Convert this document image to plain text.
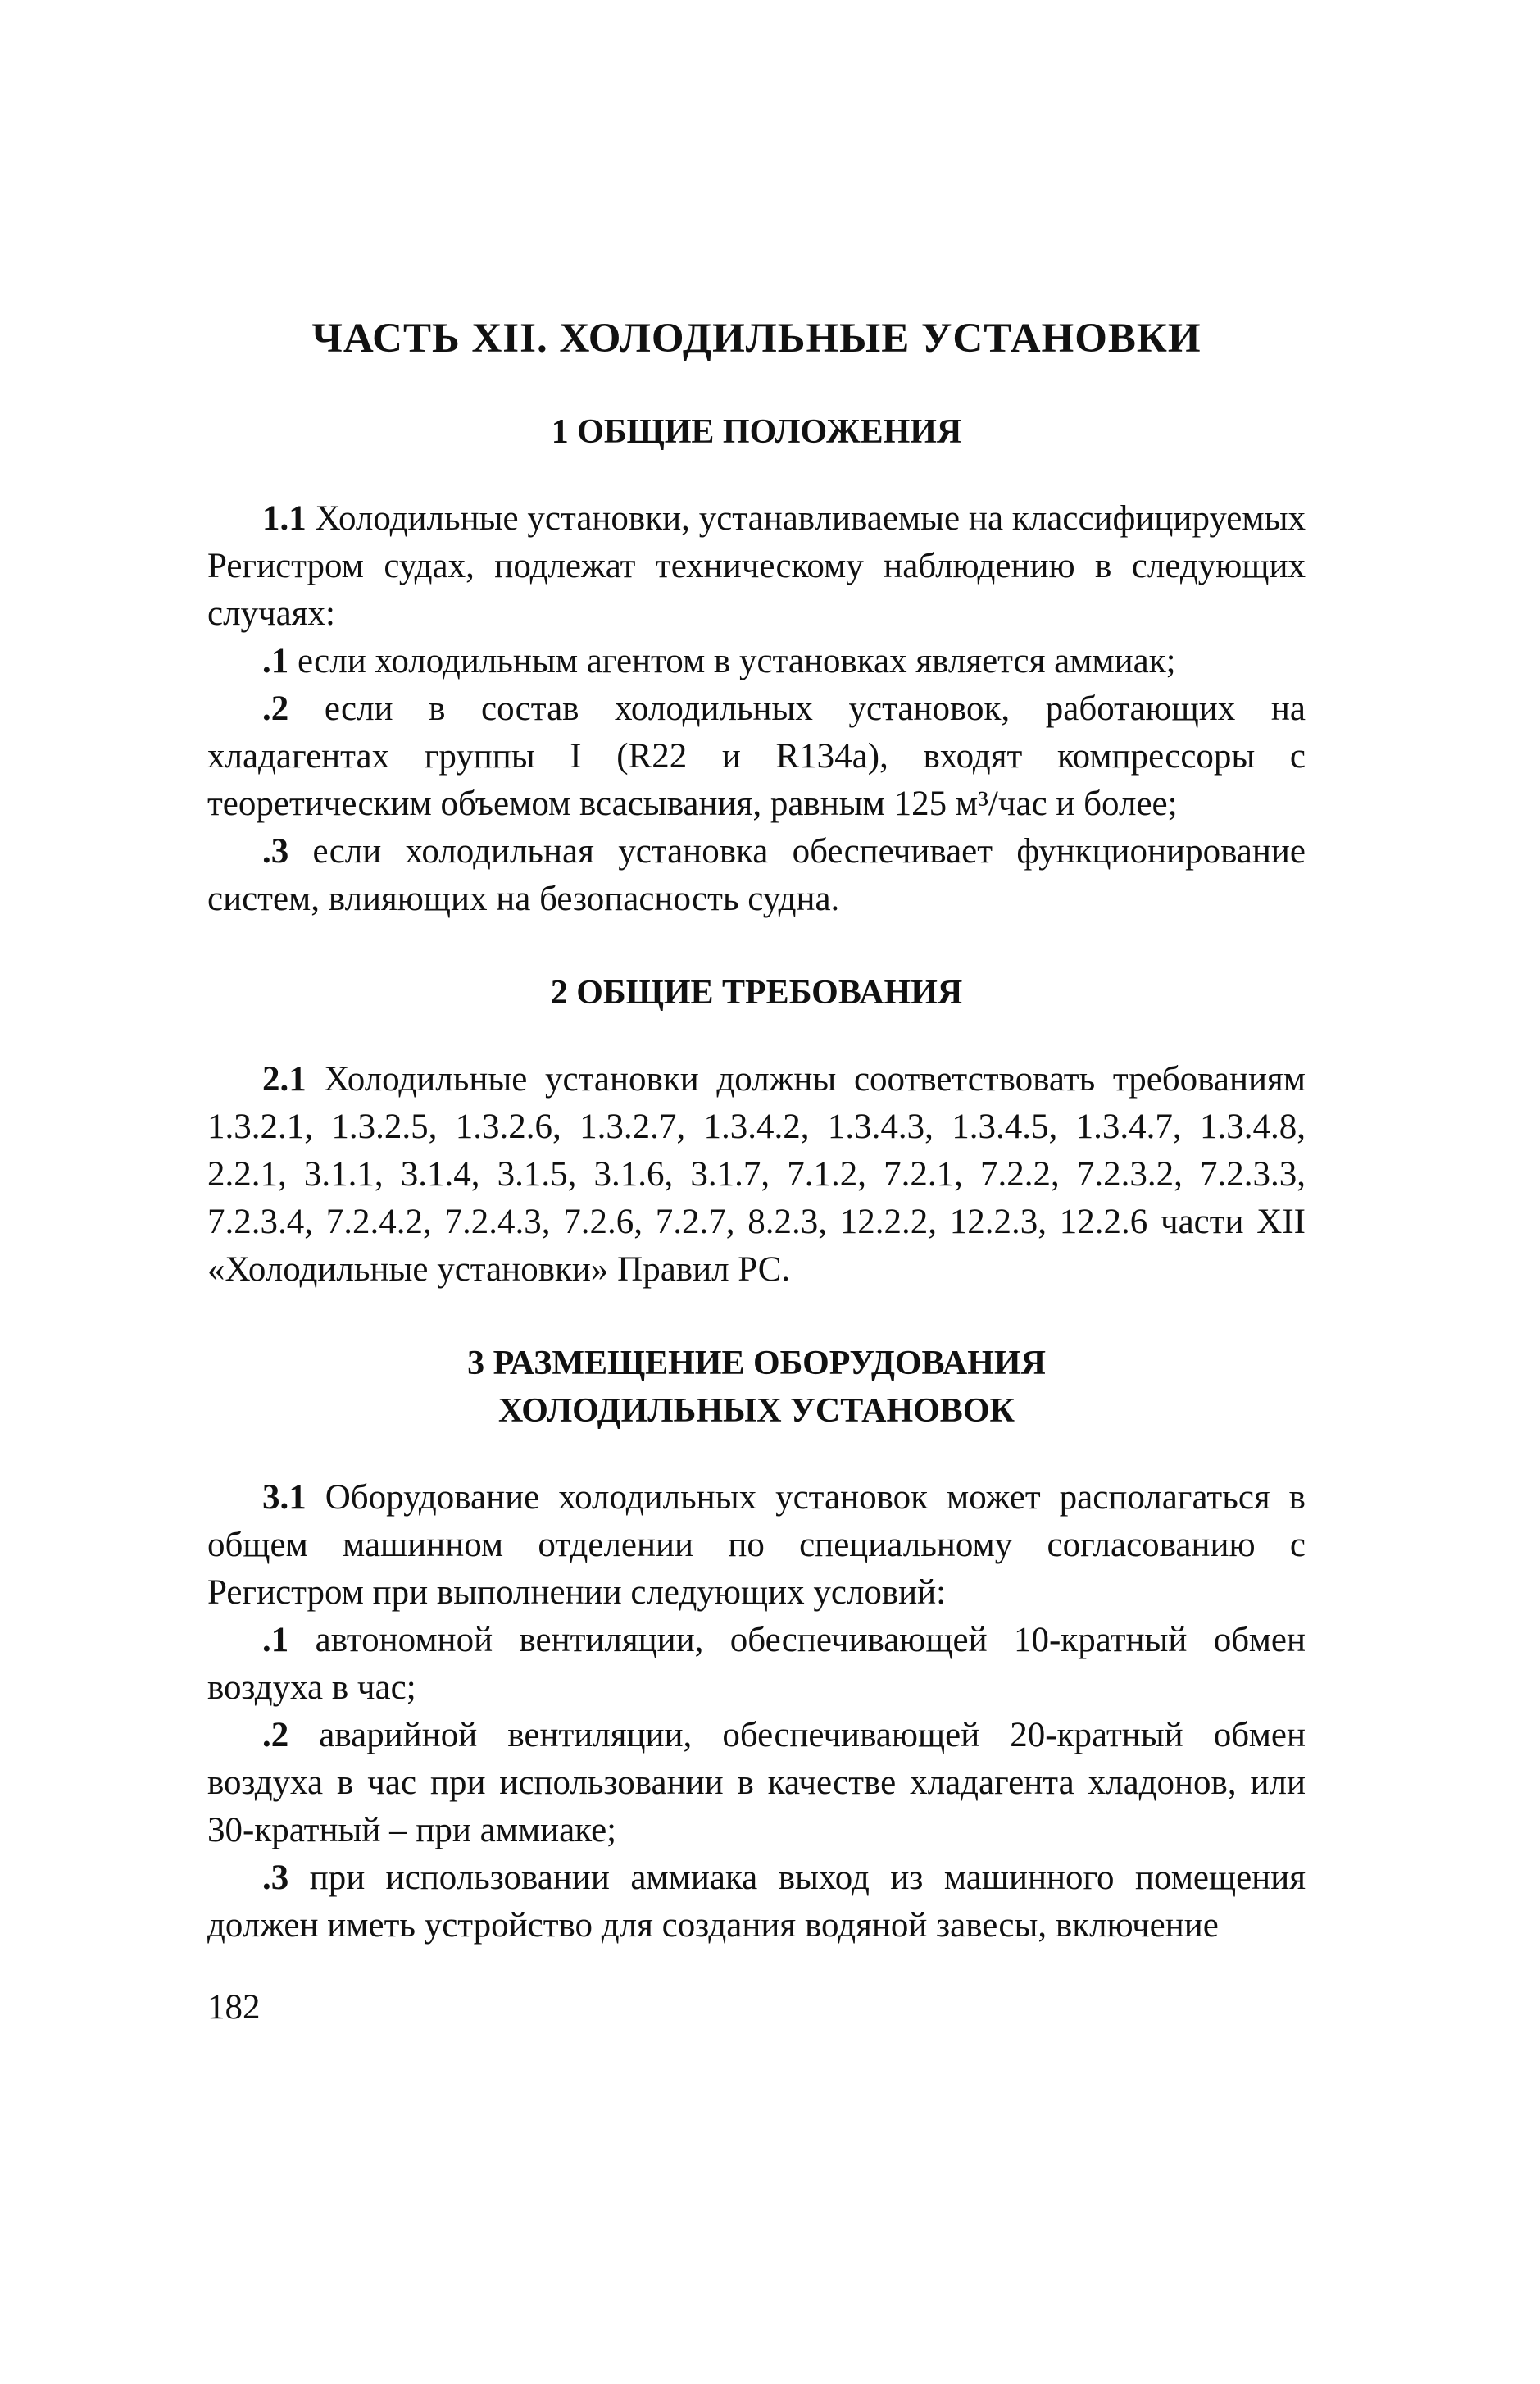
ЧАСТЬ XII. ХОЛОДИЛЬНЫЕ УСТАНОВКИ
1 ОБЩИЕ ПОЛОЖЕНИЯ

1.1 Холодильные установки, устанавливаемые на классифицируемых Регистром судах, подлежат техническому наблюдению в следующих случаях:

.1 если холодильным агентом в установках является аммиак;

.2 если в состав холодильных установок, работающих на хладагентах группы I (R22 и R134a), входят компрессоры с теоретическим объемом всасывания, равным 125 м³/час и более;

.3 если холодильная установка обеспечивает функционирование систем, влияющих на безопасность судна.

2 ОБЩИЕ ТРЕБОВАНИЯ

2.1 Холодильные установки должны соответствовать требованиям 1.3.2.1, 1.3.2.5, 1.3.2.6, 1.3.2.7, 1.3.4.2, 1.3.4.3, 1.3.4.5, 1.3.4.7, 1.3.4.8, 2.2.1, 3.1.1, 3.1.4, 3.1.5, 3.1.6, 3.1.7, 7.1.2, 7.2.1, 7.2.2, 7.2.3.2, 7.2.3.3, 7.2.3.4, 7.2.4.2, 7.2.4.3, 7.2.6, 7.2.7, 8.2.3, 12.2.2, 12.2.3, 12.2.6 части XII «Холодильные установки» Правил РС.

3 РАЗМЕЩЕНИЕ ОБОРУДОВАНИЯ
ХОЛОДИЛЬНЫХ УСТАНОВОК

3.1 Оборудование холодильных установок может располагаться в общем машинном отделении по специальному согласованию с Регистром при выполнении следующих условий:

.1 автономной вентиляции, обеспечивающей 10-кратный обмен воздуха в час;

.2 аварийной вентиляции, обеспечивающей 20-кратный обмен воздуха в час при использовании в качестве хладагента хладонов, или 30-кратный – при аммиаке;

.3 при использовании аммиака выход из машинного помещения должен иметь устройство для создания водяной завесы, включение

182
